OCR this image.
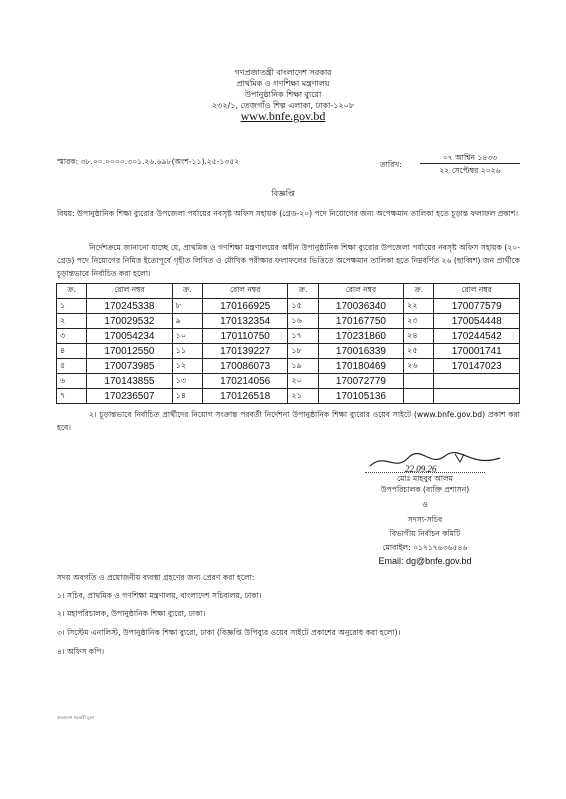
গণপ্রজাতন্ত্রী বাংলাদেশ সরকার
প্রাথমিক ও গণশিক্ষা মন্ত্রণালয়
উপানুষ্ঠানিক শিক্ষা ব্যুরো
২৩২/১, তেজগাঁও শিল্প এলাকা, ঢাকা-১২০৮
www.bnfe.gov.bd
স্মারক: ৩৮.০০.০০০০.৩০১.২৬.৬৯৮(অংশ-১১).২৫-১৩৫২	তারিখ:
০৭ আশ্বিন ১৪৩৩
২২ সেপ্টেম্বর ২০২৬
বিজ্ঞপ্তি
বিষয়: উপানুষ্ঠানিক শিক্ষা ব্যুরোর উপজেলা পর্যায়ের নবসৃষ্ট অফিস সহায়ক (গ্রেড-২০) পদে নিয়োগের জন্য অপেক্ষমান তালিকা হতে চূড়ান্ত ফলাফল প্রকাশ।
নির্দেশক্রমে জানানো যাচ্ছে যে, প্রাথমিক ও গণশিক্ষা মন্ত্রণালয়ের অধীন উপানুষ্ঠানিক শিক্ষা ব্যুরোর উপজেলা পর্যায়ের নবসৃষ্ট অফিস সহায়ক (২০-গ্রেড) পদে নিয়োগের নিমিত্ত ইতোপূর্বে গৃহীত লিখিত ও মৌখিক পরীক্ষার ফলাফলের ভিত্তিতে অপেক্ষমান তালিকা হতে নিম্নবর্ণিত ২৬ (ছাব্বিশ) জন প্রার্থীকে চূড়ান্তভাবে নির্বাচিত করা হলো।
ক্র.	রোল নম্বর	ক্র.	রোল নম্বর	ক্র.	রোল নম্বর	ক্র.	রোল নম্বর
১	170245338	৮	170166925	১৫	170036340	২২	170077579
২	170029532	৯	170132354	১৬	170167750	২৩	170054448
৩	170054234	১০	170110750	১৭	170231860	২৪	170244542
৪	170012550	১১	170139227	১৮	170016339	২৫	170001741
৫	170073985	১২	170086073	১৯	170180469	২৬	170147023
৬	170143855	১৩	170214056	২০	170072779		
৭	170236507	১৪	170126518	২১	170105136		
২। চূড়ান্তভাবে নির্বাচিত প্রার্থীদের নিয়োগ সংক্রান্ত পরবর্তী নির্দেশনা উপানুষ্ঠানিক শিক্ষা ব্যুরোর ওয়েব সাইটে (www.bnfe.gov.bd) প্রকাশ করা হবে।
22.09.26
মোঃ মাহবুব আলম
উপপরিচালক (ব্যক্তি প্রশাসন)
ও
সদস্য-সচিব
বিভাগীয় নির্বাচন কমিটি
মোবাইল: ০১৭১৭৬৩৬৫৪৬
Email: dg@bnfe.gov.bd
সদয় অবগতি ও প্রয়োজনীয় ব্যবস্থা গ্রহণের জন্য প্রেরণ করা হলো:
১। সচিব, প্রাথমিক ও গণশিক্ষা মন্ত্রণালয়, বাংলাদেশ সচিবালয়, ঢাকা।
২। মহাপরিচালক, উপানুষ্ঠানিক শিক্ষা ব্যুরো, ঢাকা।
৩। সিস্টেম এনালিস্ট, উপানুষ্ঠানিক শিক্ষা ব্যুরো, ঢাকা (বিজ্ঞপ্তি উপিব্যুর ওয়েব সাইটে প্রকাশের অনুরোধ করা হলো)।
৪। অফিস কপি।
বাংলাদেশ সরকারী মুদ্রণ
